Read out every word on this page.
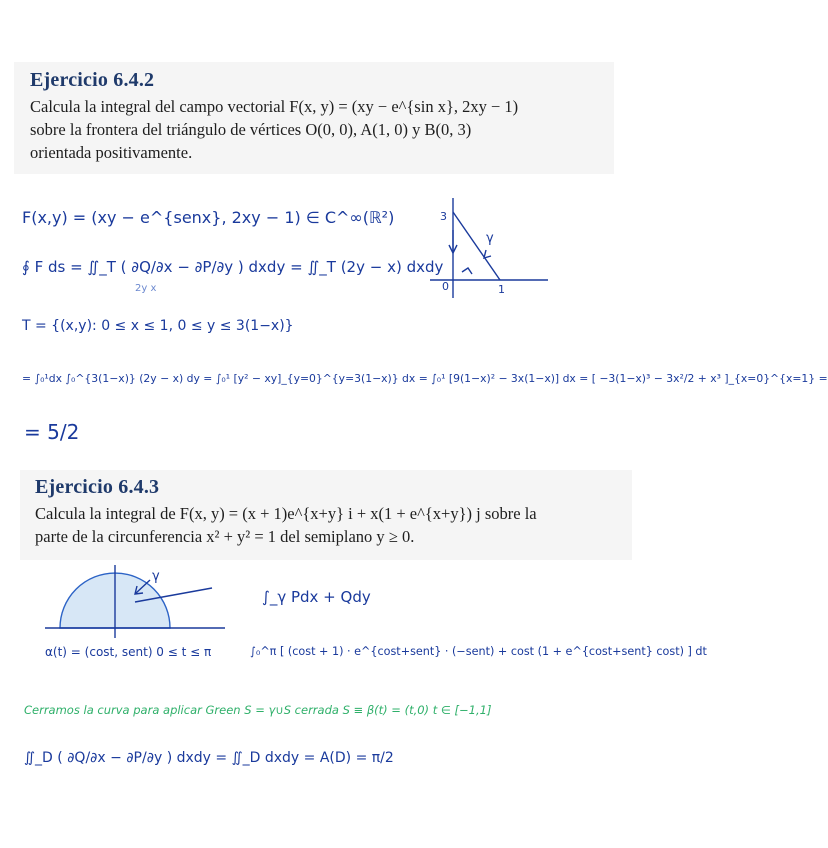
Ejercicio 6.4.2
Calcula la integral del campo vectorial F(x, y) = (xy − e^{sin x}, 2xy − 1)
sobre la frontera del triángulo de vértices O(0, 0), A(1, 0) y B(0, 3)
orientada positivamente.
F(x,y) = (xy − e^{senx}, 2xy − 1) ∈ C^∞(ℝ²)
∮ F ds = ∬_T ( ∂Q/∂x − ∂P/∂y ) dxdy = ∬_T (2y − x) dxdy
2y x
T = {(x,y): 0 ≤ x ≤ 1, 0 ≤ y ≤ 3(1−x)}
= ∫₀¹dx ∫₀^{3(1−x)} (2y − x) dy = ∫₀¹ [y² − xy]_{y=0}^{y=3(1−x)} dx = ∫₀¹ [9(1−x)² − 3x(1−x)] dx = [ −3(1−x)³ − 3x²/2 + x³ ]_{x=0}^{x=1} =
= 5/2
3
0	1
γ
Ejercicio 6.4.3
Calcula la integral de F(x, y) = (x + 1)e^{x+y} i + x(1 + e^{x+y}) j sobre la
parte de la circunferencia x² + y² = 1 del semiplano y ≥ 0.
γ
∫_γ Pdx + Qdy
α(t) = (cost, sent) 0 ≤ t ≤ π	∫₀^π [ (cost + 1) · e^{cost+sent} · (−sent) + cost (1 + e^{cost+sent} cost) ] dt
Cerramos la curva para aplicar Green S = γ∪S cerrada S ≡ β(t) = (t,0) t ∈ [−1,1]
∬_D ( ∂Q/∂x − ∂P/∂y ) dxdy = ∬_D dxdy = A(D) = π/2
